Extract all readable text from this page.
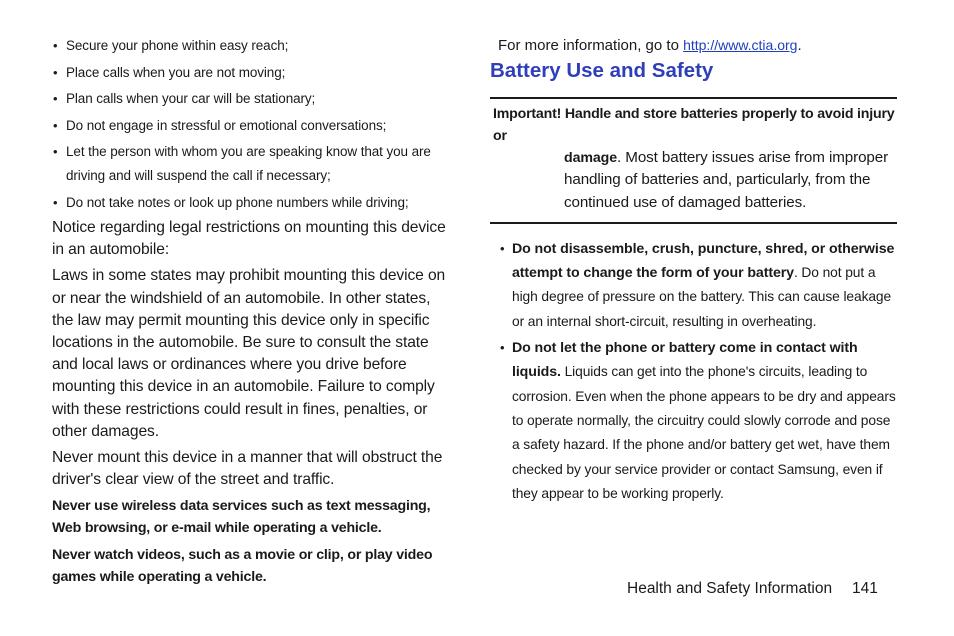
• Secure your phone within easy reach;
• Place calls when you are not moving;
• Plan calls when your car will be stationary;
• Do not engage in stressful or emotional conversations;
• Let the person with whom you are speaking know that you are driving and will suspend the call if necessary;
• Do not take notes or look up phone numbers while driving;

Notice regarding legal restrictions on mounting this device in an automobile:

Laws in some states may prohibit mounting this device on or near the windshield of an automobile. In other states, the law may permit mounting this device only in specific locations in the automobile. Be sure to consult the state and local laws or ordinances where you drive before mounting this device in an automobile. Failure to comply with these restrictions could result in fines, penalties, or other damages.

Never mount this device in a manner that will obstruct the driver's clear view of the street and traffic.

Never use wireless data services such as text messaging, Web browsing, or e-mail while operating a vehicle.

Never watch videos, such as a movie or clip, or play video games while operating a vehicle.

For more information, go to http://www.ctia.org.
Battery Use and Safety
Important! Handle and store batteries properly to avoid injury or
damage. Most battery issues arise from improper handling of batteries and, particularly, from the continued use of damaged batteries.
• Do not disassemble, crush, puncture, shred, or otherwise attempt to change the form of your battery. Do not put a high degree of pressure on the battery. This can cause leakage or an internal short-circuit, resulting in overheating.
• Do not let the phone or battery come in contact with liquids. Liquids can get into the phone's circuits, leading to corrosion. Even when the phone appears to be dry and appears to operate normally, the circuitry could slowly corrode and pose a safety hazard. If the phone and/or battery get wet, have them checked by your service provider or contact Samsung, even if they appear to be working properly.
Health and Safety Information 141
